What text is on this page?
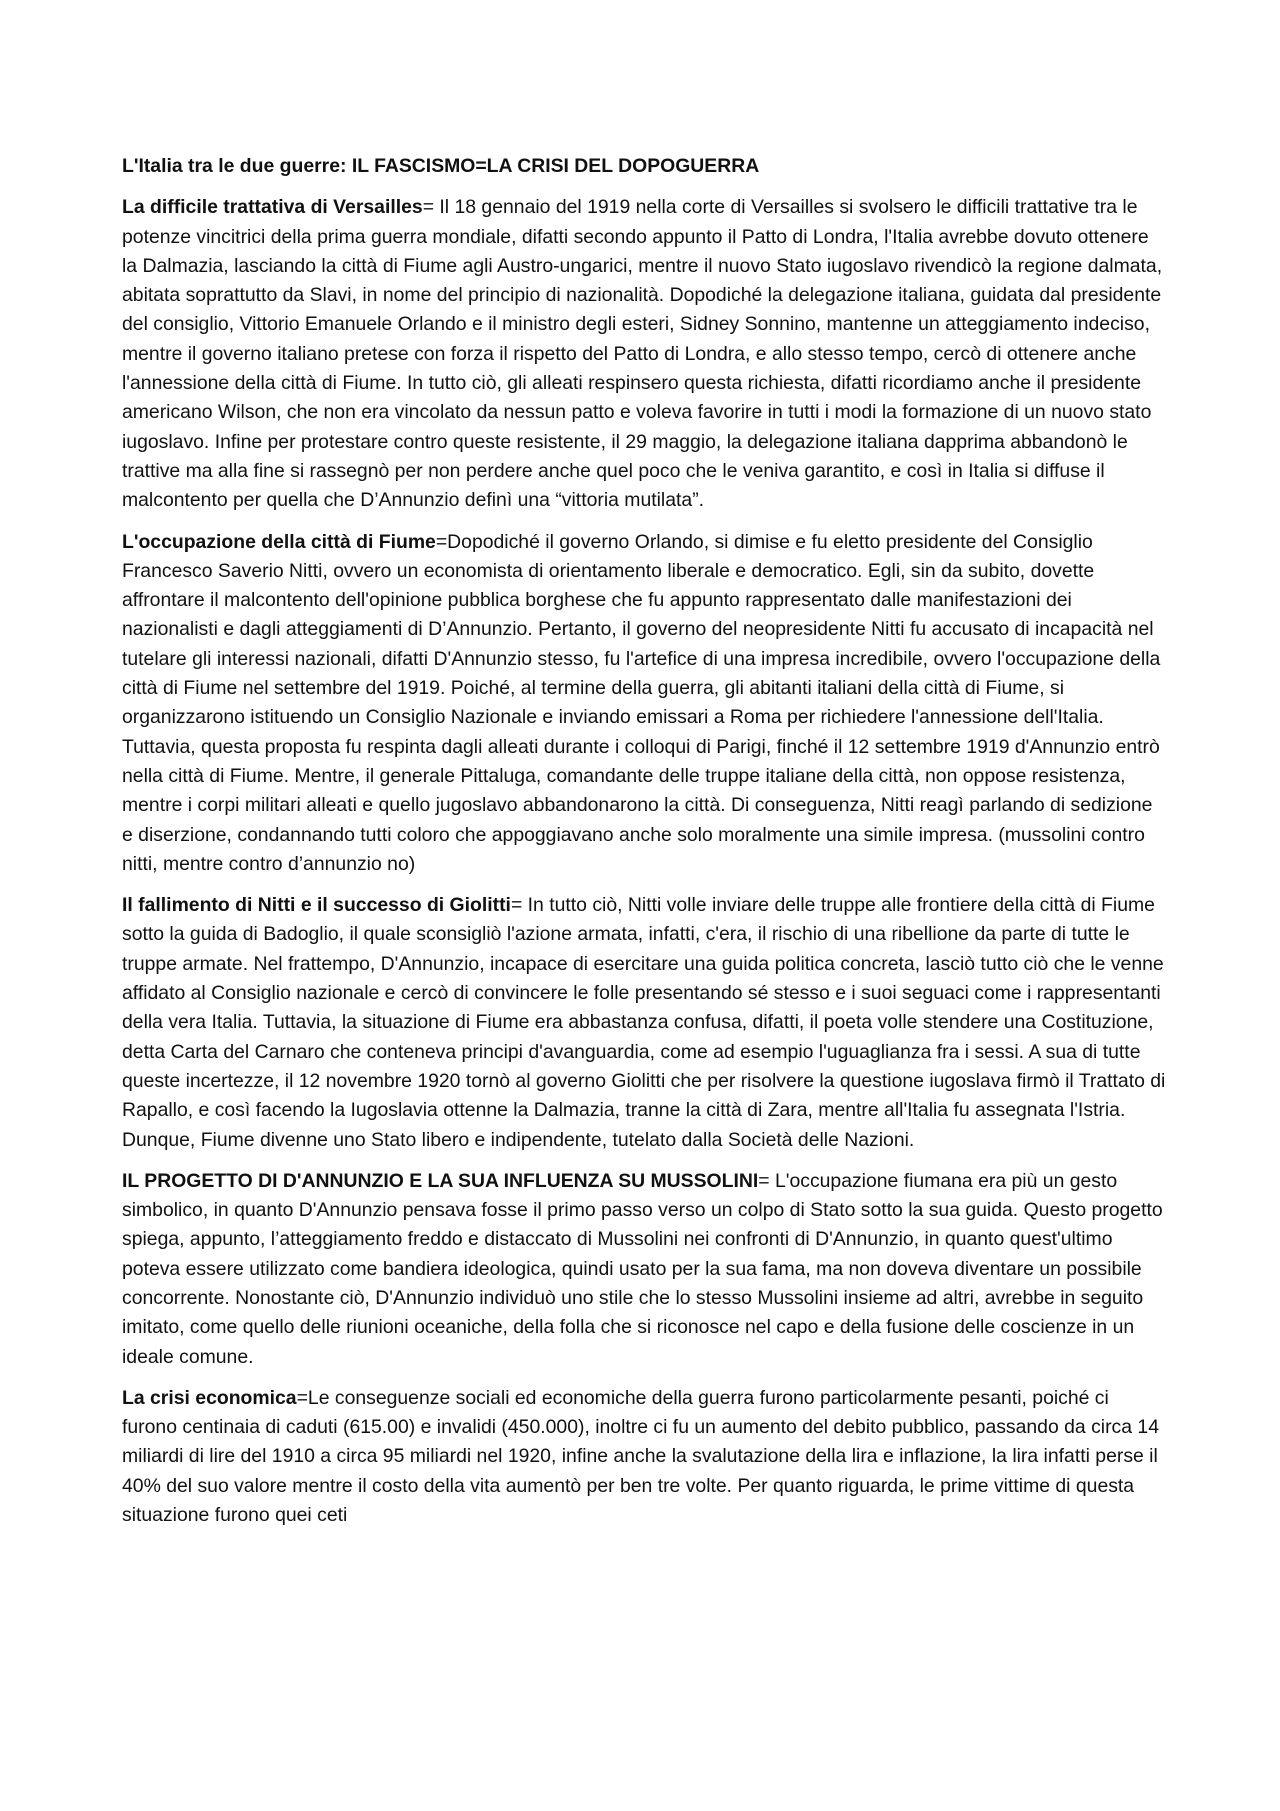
L'Italia tra le due guerre: IL FASCISMO=LA CRISI DEL DOPOGUERRA

La difficile trattativa di Versailles= Il 18 gennaio del 1919 nella corte di Versailles si svolsero le difficili trattative tra le potenze vincitrici della prima guerra mondiale, difatti secondo appunto il Patto di Londra, l'Italia avrebbe dovuto ottenere la Dalmazia, lasciando la città di Fiume agli Austro-ungarici, mentre il nuovo Stato iugoslavo rivendicò la regione dalmata, abitata soprattutto da Slavi, in nome del principio di nazionalità. Dopodiché la delegazione italiana, guidata dal presidente del consiglio, Vittorio Emanuele Orlando e il ministro degli esteri, Sidney Sonnino, mantenne un atteggiamento indeciso, mentre il governo italiano pretese con forza il rispetto del Patto di Londra, e allo stesso tempo, cercò di ottenere anche l'annessione della città di Fiume. In tutto ciò, gli alleati respinsero questa richiesta, difatti ricordiamo anche il presidente americano Wilson, che non era vincolato da nessun patto e voleva favorire in tutti i modi la formazione di un nuovo stato iugoslavo. Infine per protestare contro queste resistente, il 29 maggio, la delegazione italiana dapprima abbandonò le trattive ma alla fine si rassegnò per non perdere anche quel poco che le veniva garantito, e così in Italia si diffuse il malcontento per quella che D’Annunzio definì una “vittoria mutilata”.

L'occupazione della città di Fiume=Dopodiché il governo Orlando, si dimise e fu eletto presidente del Consiglio Francesco Saverio Nitti, ovvero un economista di orientamento liberale e democratico. Egli, sin da subito, dovette affrontare il malcontento dell'opinione pubblica borghese che fu appunto rappresentato dalle manifestazioni dei nazionalisti e dagli atteggiamenti di D’Annunzio. Pertanto, il governo del neopresidente Nitti fu accusato di incapacità nel tutelare gli interessi nazionali, difatti D'Annunzio stesso, fu l'artefice di una impresa incredibile, ovvero l'occupazione della città di Fiume nel settembre del 1919. Poiché, al termine della guerra, gli abitanti italiani della città di Fiume, si organizzarono istituendo un Consiglio Nazionale e inviando emissari a Roma per richiedere l'annessione dell'Italia. Tuttavia, questa proposta fu respinta dagli alleati durante i colloqui di Parigi, finché il 12 settembre 1919 d'Annunzio entrò nella città di Fiume. Mentre, il generale Pittaluga, comandante delle truppe italiane della città, non oppose resistenza, mentre i corpi militari alleati e quello jugoslavo abbandonarono la città. Di conseguenza, Nitti reagì parlando di sedizione e diserzione, condannando tutti coloro che appoggiavano anche solo moralmente una simile impresa. (mussolini contro nitti, mentre contro d’annunzio no)

Il fallimento di Nitti e il successo di Giolitti= In tutto ciò, Nitti volle inviare delle truppe alle frontiere della città di Fiume sotto la guida di Badoglio, il quale sconsigliò l'azione armata, infatti, c'era, il rischio di una ribellione da parte di tutte le truppe armate. Nel frattempo, D'Annunzio, incapace di esercitare una guida politica concreta, lasciò tutto ciò che le venne affidato al Consiglio nazionale e cercò di convincere le folle presentando sé stesso e i suoi seguaci come i rappresentanti della vera Italia. Tuttavia, la situazione di Fiume era abbastanza confusa, difatti, il poeta volle stendere una Costituzione, detta Carta del Carnaro che conteneva principi d'avanguardia, come ad esempio l'uguaglianza fra i sessi. A sua di tutte queste incertezze, il 12 novembre 1920 tornò al governo Giolitti che per risolvere la questione iugoslava firmò il Trattato di Rapallo, e così facendo la Iugoslavia ottenne la Dalmazia, tranne la città di Zara, mentre all'Italia fu assegnata l'Istria. Dunque, Fiume divenne uno Stato libero e indipendente, tutelato dalla Società delle Nazioni.

IL PROGETTO DI D'ANNUNZIO E LA SUA INFLUENZA SU MUSSOLINI= L'occupazione fiumana era più un gesto simbolico, in quanto D'Annunzio pensava fosse il primo passo verso un colpo di Stato sotto la sua guida. Questo progetto spiega, appunto, l’atteggiamento freddo e distaccato di Mussolini nei confronti di D'Annunzio, in quanto quest'ultimo poteva essere utilizzato come bandiera ideologica, quindi usato per la sua fama, ma non doveva diventare un possibile concorrente. Nonostante ciò, D'Annunzio individuò uno stile che lo stesso Mussolini insieme ad altri, avrebbe in seguito imitato, come quello delle riunioni oceaniche, della folla che si riconosce nel capo e della fusione delle coscienze in un ideale comune.

La crisi economica=Le conseguenze sociali ed economiche della guerra furono particolarmente pesanti, poiché ci furono centinaia di caduti (615.00) e invalidi (450.000), inoltre ci fu un aumento del debito pubblico, passando da circa 14 miliardi di lire del 1910 a circa 95 miliardi nel 1920, infine anche la svalutazione della lira e inflazione, la lira infatti perse il 40% del suo valore mentre il costo della vita aumentò per ben tre volte. Per quanto riguarda, le prime vittime di questa situazione furono quei ceti
